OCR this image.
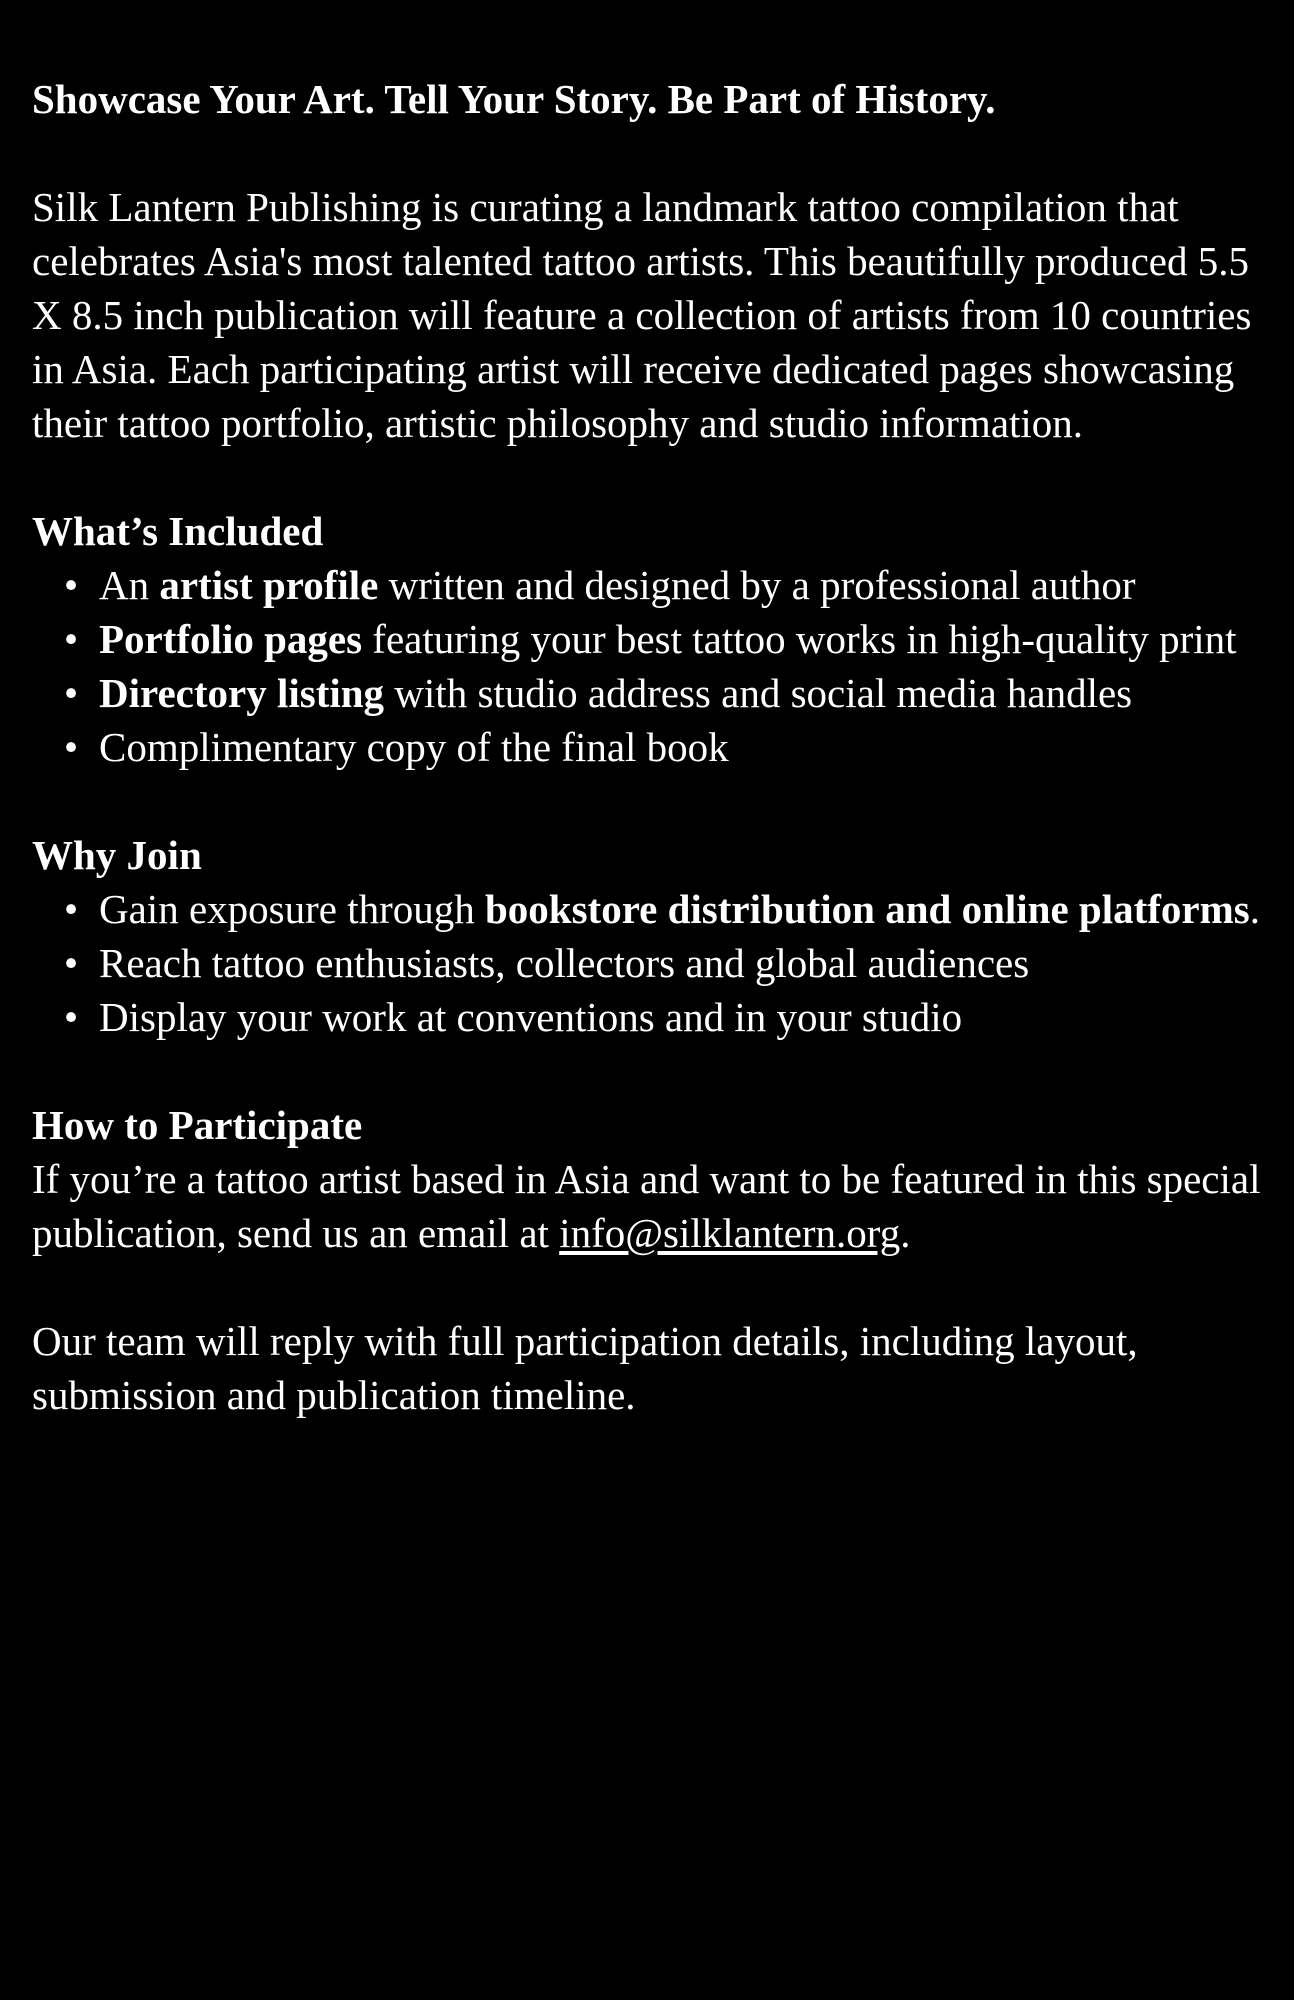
Showcase Your Art. Tell Your Story. Be Part of History.

Silk Lantern Publishing is curating a landmark tattoo compilation that celebrates Asia's most talented tattoo artists. This beautifully produced 5.5 X 8.5 inch publication will feature a collection of artists from 10 countries in Asia. Each participating artist will receive dedicated pages showcasing their tattoo portfolio, artistic philosophy and studio information.

What’s Included

• An artist profile written and designed by a professional author
• Portfolio pages featuring your best tattoo works in high-quality print
• Directory listing with studio address and social media handles
• Complimentary copy of the final book

Why Join

• Gain exposure through bookstore distribution and online platforms.
• Reach tattoo enthusiasts, collectors and global audiences
• Display your work at conventions and in your studio

How to Participate

If you’re a tattoo artist based in Asia and want to be featured in this special publication, send us an email at info@silklantern.org.

Our team will reply with full participation details, including layout, submission and publication timeline.
